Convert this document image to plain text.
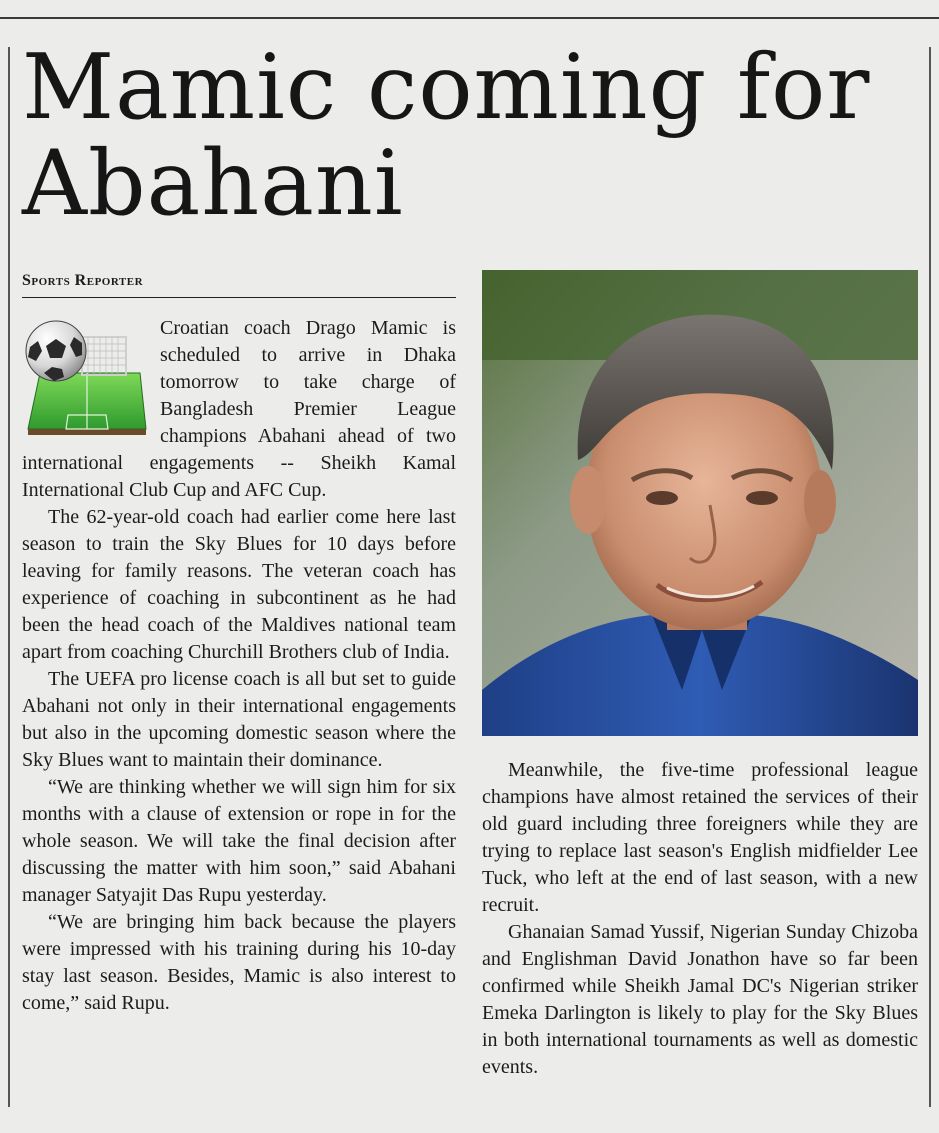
Mamic coming for Abahani
Sports Reporter

Croatian coach Drago Mamic is scheduled to arrive in Dhaka tomorrow to take charge of Bangladesh Premier League champions Abahani ahead of two international engagements -- Sheikh Kamal International Club Cup and AFC Cup.

The 62-year-old coach had earlier come here last season to train the Sky Blues for 10 days before leaving for family reasons. The veteran coach has experience of coaching in subcontinent as he had been the head coach of the Maldives national team apart from coaching Churchill Brothers club of India.

The UEFA pro license coach is all but set to guide Abahani not only in their international engagements but also in the upcoming domestic season where the Sky Blues want to maintain their dominance.

“We are thinking whether we will sign him for six months with a clause of extension or rope in for the whole season. We will take the final decision after discussing the matter with him soon,” said Abahani manager Satyajit Das Rupu yesterday.

“We are bringing him back because the players were impressed with his training during his 10-day stay last season. Besides, Mamic is also interest to come,” said Rupu.

Meanwhile, the five-time professional league champions have almost retained the services of their old guard including three foreigners while they are trying to replace last season's English midfielder Lee Tuck, who left at the end of last season, with a new recruit.

Ghanaian Samad Yussif, Nigerian Sunday Chizoba and Englishman David Jonathon have so far been confirmed while Sheikh Jamal DC's Nigerian striker Emeka Darlington is likely to play for the Sky Blues in both international tournaments as well as domestic events.
